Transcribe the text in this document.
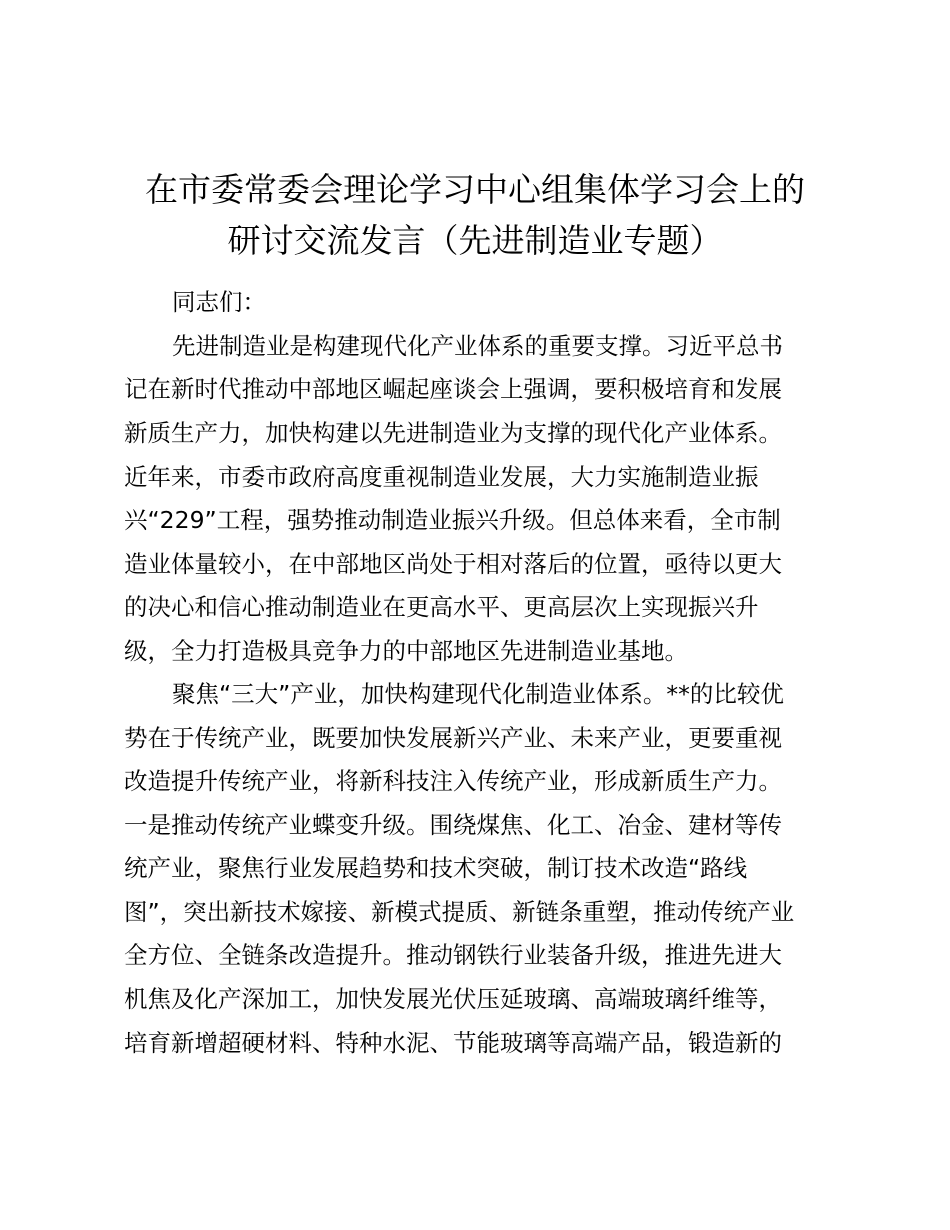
在市委常委会理论学习中心组集体学习会上的
研讨交流发言（先进制造业专题）
同志们：
先进制造业是构建现代化产业体系的重要支撑。习近平总书
记在新时代推动中部地区崛起座谈会上强调，要积极培育和发展
新质生产力，加快构建以先进制造业为支撑的现代化产业体系。
近年来，市委市政府高度重视制造业发展，大力实施制造业振
兴“229”工程，强势推动制造业振兴升级。但总体来看，全市制
造业体量较小，在中部地区尚处于相对落后的位置，亟待以更大
的决心和信心推动制造业在更高水平、更高层次上实现振兴升
级，全力打造极具竞争力的中部地区先进制造业基地。
聚焦“三大”产业，加快构建现代化制造业体系。**的比较优
势在于传统产业，既要加快发展新兴产业、未来产业，更要重视
改造提升传统产业，将新科技注入传统产业，形成新质生产力。
一是推动传统产业蝶变升级。围绕煤焦、化工、冶金、建材等传
统产业，聚焦行业发展趋势和技术突破，制订技术改造“路线
图”，突出新技术嫁接、新模式提质、新链条重塑，推动传统产业
全方位、全链条改造提升。推动钢铁行业装备升级，推进先进大
机焦及化产深加工，加快发展光伏压延玻璃、高端玻璃纤维等，
培育新增超硬材料、特种水泥、节能玻璃等高端产品，锻造新的
